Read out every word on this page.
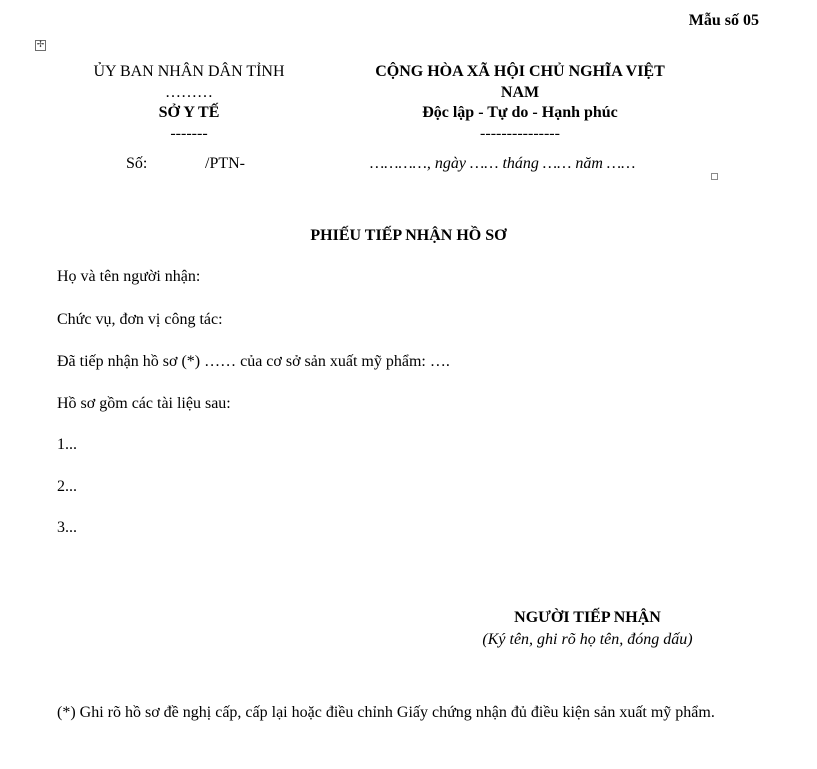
Mẫu số 05
✢
ỦY BAN NHÂN DÂN TỈNH
………
SỞ Y TẾ
-------
CỘNG HÒA XÃ HỘI CHỦ NGHĨA VIỆT
NAM
Độc lập - Tự do - Hạnh phúc
---------------
Số:	/PTN-	…………, ngày …… tháng …… năm ……
PHIẾU TIẾP NHẬN HỒ SƠ
Họ và tên người nhận:
Chức vụ, đơn vị công tác:
Đã tiếp nhận hồ sơ (*) …… của cơ sở sản xuất mỹ phẩm: ….
Hồ sơ gồm các tài liệu sau:
1...
2...
3...
NGƯỜI TIẾP NHẬN
(Ký tên, ghi rõ họ tên, đóng dấu)
(*) Ghi rõ hồ sơ đề nghị cấp, cấp lại hoặc điều chỉnh Giấy chứng nhận đủ điều kiện sản xuất mỹ phẩm.
